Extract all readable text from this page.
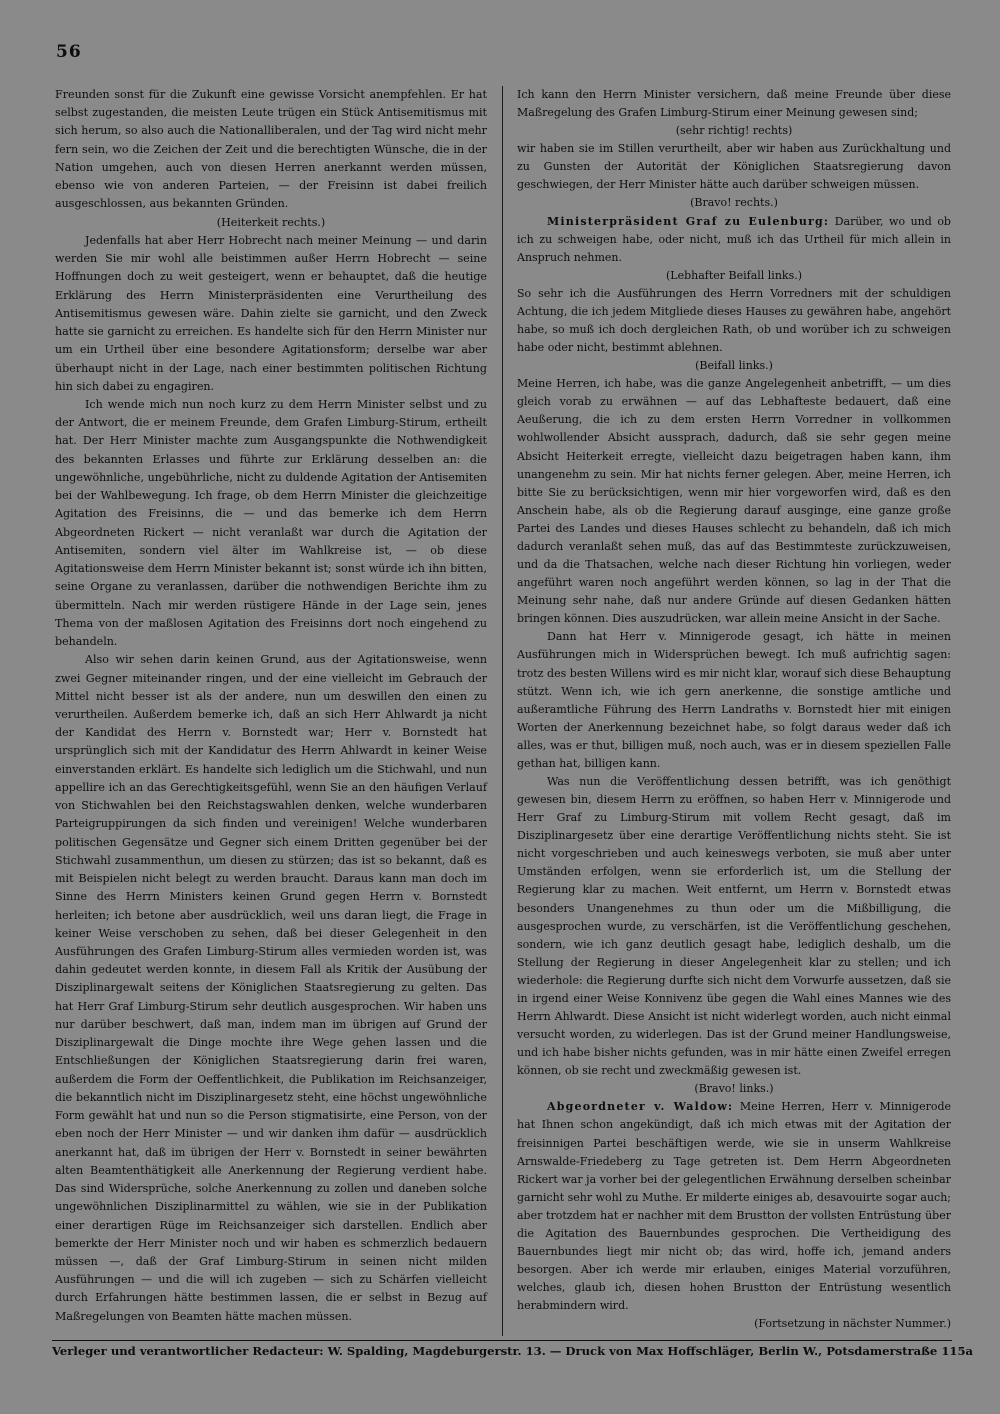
56

Freunden sonst für die Zukunft eine gewisse Vorsicht anempfehlen. Er hat selbst zugestanden, die meisten Leute trügen ein Stück Antisemitismus mit sich herum, so also auch die Nationalliberalen, und der Tag wird nicht mehr fern sein, wo die Zeichen der Zeit und die berechtigten Wünsche, die in der Nation umgehen, auch von diesen Herren anerkannt werden müssen, ebenso wie von anderen Parteien, — der Freisinn ist dabei freilich ausgeschlossen, aus bekannten Gründen.

(Heiterkeit rechts.)

Jedenfalls hat aber Herr Hobrecht nach meiner Meinung — und darin werden Sie mir wohl alle beistimmen außer Herrn Hobrecht — seine Hoffnungen doch zu weit gesteigert, wenn er behauptet, daß die heutige Erklärung des Herrn Ministerpräsidenten eine Verurtheilung des Antisemitismus gewesen wäre. Dahin zielte sie garnicht, und den Zweck hatte sie garnicht zu erreichen. Es handelte sich für den Herrn Minister nur um ein Urtheil über eine besondere Agitationsform; derselbe war aber überhaupt nicht in der Lage, nach einer bestimmten politischen Richtung hin sich dabei zu engagiren.

Ich wende mich nun noch kurz zu dem Herrn Minister selbst und zu der Antwort, die er meinem Freunde, dem Grafen Limburg-Stirum, ertheilt hat. Der Herr Minister machte zum Ausgangspunkte die Nothwendigkeit des bekannten Erlasses und führte zur Erklärung desselben an: die ungewöhnliche, ungebührliche, nicht zu duldende Agitation der Antisemiten bei der Wahlbewegung. Ich frage, ob dem Herrn Minister die gleichzeitige Agitation des Freisinns, die — und das bemerke ich dem Herrn Abgeordneten Rickert — nicht veranlaßt war durch die Agitation der Antisemiten, sondern viel älter im Wahlkreise ist, — ob diese Agitationsweise dem Herrn Minister bekannt ist; sonst würde ich ihn bitten, seine Organe zu veranlassen, darüber die nothwendigen Berichte ihm zu übermitteln. Nach mir werden rüstigere Hände in der Lage sein, jenes Thema von der maßlosen Agitation des Freisinns dort noch eingehend zu behandeln.

Also wir sehen darin keinen Grund, aus der Agitationsweise, wenn zwei Gegner miteinander ringen, und der eine vielleicht im Gebrauch der Mittel nicht besser ist als der andere, nun um deswillen den einen zu verurtheilen. Außerdem bemerke ich, daß an sich Herr Ahlwardt ja nicht der Kandidat des Herrn v. Bornstedt war; Herr v. Bornstedt hat ursprünglich sich mit der Kandidatur des Herrn Ahlwardt in keiner Weise einverstanden erklärt. Es handelte sich lediglich um die Stichwahl, und nun appellire ich an das Gerechtigkeitsgefühl, wenn Sie an den häufigen Verlauf von Stichwahlen bei den Reichstagswahlen denken, welche wunderbaren Parteigruppirungen da sich finden und vereinigen! Welche wunderbaren politischen Gegensätze und Gegner sich einem Dritten gegenüber bei der Stichwahl zusammenthun, um diesen zu stürzen; das ist so bekannt, daß es mit Beispielen nicht belegt zu werden braucht. Daraus kann man doch im Sinne des Herrn Ministers keinen Grund gegen Herrn v. Bornstedt herleiten; ich betone aber ausdrücklich, weil uns daran liegt, die Frage in keiner Weise verschoben zu sehen, daß bei dieser Gelegenheit in den Ausführungen des Grafen Limburg-Stirum alles vermieden worden ist, was dahin gedeutet werden konnte, in diesem Fall als Kritik der Ausübung der Disziplinargewalt seitens der Königlichen Staatsregierung zu gelten. Das hat Herr Graf Limburg-Stirum sehr deutlich ausgesprochen. Wir haben uns nur darüber beschwert, daß man, indem man im übrigen auf Grund der Disziplinargewalt die Dinge mochte ihre Wege gehen lassen und die Entschließungen der Königlichen Staatsregierung darin frei waren, außerdem die Form der Oeffentlichkeit, die Publikation im Reichsanzeiger, die bekanntlich nicht im Disziplinargesetz steht, eine höchst ungewöhnliche Form gewählt hat und nun so die Person stigmatisirte, eine Person, von der eben noch der Herr Minister — und wir danken ihm dafür — ausdrücklich anerkannt hat, daß im übrigen der Herr v. Bornstedt in seiner bewährten alten Beamtenthätigkeit alle Anerkennung der Regierung verdient habe. Das sind Widersprüche, solche Anerkennung zu zollen und daneben solche ungewöhnlichen Disziplinarmittel zu wählen, wie sie in der Publikation einer derartigen Rüge im Reichsanzeiger sich darstellen. Endlich aber bemerkte der Herr Minister noch und wir haben es schmerzlich bedauern müssen —, daß der Graf Limburg-Stirum in seinen nicht milden Ausführungen — und die will ich zugeben — sich zu Schärfen vielleicht durch Erfahrungen hätte bestimmen lassen, die er selbst in Bezug auf Maßregelungen von Beamten hätte machen müssen.

Ich kann den Herrn Minister versichern, daß meine Freunde über diese Maßregelung des Grafen Limburg-Stirum einer Meinung gewesen sind;

(sehr richtig! rechts)

wir haben sie im Stillen verurtheilt, aber wir haben aus Zurückhaltung und zu Gunsten der Autorität der Königlichen Staatsregierung davon geschwiegen, der Herr Minister hätte auch darüber schweigen müssen.

(Bravo! rechts.)

Ministerpräsident Graf zu Eulenburg: Darüber, wo und ob ich zu schweigen habe, oder nicht, muß ich das Urtheil für mich allein in Anspruch nehmen.

(Lebhafter Beifall links.)

So sehr ich die Ausführungen des Herrn Vorredners mit der schuldigen Achtung, die ich jedem Mitgliede dieses Hauses zu gewähren habe, angehört habe, so muß ich doch dergleichen Rath, ob und worüber ich zu schweigen habe oder nicht, bestimmt ablehnen.

(Beifall links.)

Meine Herren, ich habe, was die ganze Angelegenheit anbetrifft, — um dies gleich vorab zu erwähnen — auf das Lebhafteste bedauert, daß eine Aeußerung, die ich zu dem ersten Herrn Vorredner in vollkommen wohlwollender Absicht aussprach, dadurch, daß sie sehr gegen meine Absicht Heiterkeit erregte, vielleicht dazu beigetragen haben kann, ihm unangenehm zu sein. Mir hat nichts ferner gelegen. Aber, meine Herren, ich bitte Sie zu berücksichtigen, wenn mir hier vorgeworfen wird, daß es den Anschein habe, als ob die Regierung darauf ausginge, eine ganze große Partei des Landes und dieses Hauses schlecht zu behandeln, daß ich mich dadurch veranlaßt sehen muß, das auf das Bestimmteste zurückzuweisen, und da die Thatsachen, welche nach dieser Richtung hin vorliegen, weder angeführt waren noch angeführt werden können, so lag in der That die Meinung sehr nahe, daß nur andere Gründe auf diesen Gedanken hätten bringen können. Dies auszudrücken, war allein meine Ansicht in der Sache.

Dann hat Herr v. Minnigerode gesagt, ich hätte in meinen Ausführungen mich in Widersprüchen bewegt. Ich muß aufrichtig sagen: trotz des besten Willens wird es mir nicht klar, worauf sich diese Behauptung stützt. Wenn ich, wie ich gern anerkenne, die sonstige amtliche und außeramtliche Führung des Herrn Landraths v. Bornstedt hier mit einigen Worten der Anerkennung bezeichnet habe, so folgt daraus weder daß ich alles, was er thut, billigen muß, noch auch, was er in diesem speziellen Falle gethan hat, billigen kann.

Was nun die Veröffentlichung dessen betrifft, was ich genöthigt gewesen bin, diesem Herrn zu eröffnen, so haben Herr v. Minnigerode und Herr Graf zu Limburg-Stirum mit vollem Recht gesagt, daß im Disziplinargesetz über eine derartige Veröffentlichung nichts steht. Sie ist nicht vorgeschrieben und auch keineswegs verboten, sie muß aber unter Umständen erfolgen, wenn sie erforderlich ist, um die Stellung der Regierung klar zu machen. Weit entfernt, um Herrn v. Bornstedt etwas besonders Unangenehmes zu thun oder um die Mißbilligung, die ausgesprochen wurde, zu verschärfen, ist die Veröffentlichung geschehen, sondern, wie ich ganz deutlich gesagt habe, lediglich deshalb, um die Stellung der Regierung in dieser Angelegenheit klar zu stellen; und ich wiederhole: die Regierung durfte sich nicht dem Vorwurfe aussetzen, daß sie in irgend einer Weise Konnivenz übe gegen die Wahl eines Mannes wie des Herrn Ahlwardt. Diese Ansicht ist nicht widerlegt worden, auch nicht einmal versucht worden, zu widerlegen. Das ist der Grund meiner Handlungsweise, und ich habe bisher nichts gefunden, was in mir hätte einen Zweifel erregen können, ob sie recht und zweckmäßig gewesen ist.

(Bravo! links.)

Abgeordneter v. Waldow: Meine Herren, Herr v. Minnigerode hat Ihnen schon angekündigt, daß ich mich etwas mit der Agitation der freisinnigen Partei beschäftigen werde, wie sie in unserm Wahlkreise Arnswalde-Friedeberg zu Tage getreten ist. Dem Herrn Abgeordneten Rickert war ja vorher bei der gelegentlichen Erwähnung derselben scheinbar garnicht sehr wohl zu Muthe. Er milderte einiges ab, desavouirte sogar auch; aber trotzdem hat er nachher mit dem Brustton der vollsten Entrüstung über die Agitation des Bauernbundes gesprochen. Die Vertheidigung des Bauernbundes liegt mir nicht ob; das wird, hoffe ich, jemand anders besorgen. Aber ich werde mir erlauben, einiges Material vorzuführen, welches, glaub ich, diesen hohen Brustton der Entrüstung wesentlich herabmindern wird.

(Fortsetzung in nächster Nummer.)

Verleger und verantwortlicher Redacteur: W. Spalding, Magdeburgerstr. 13. — Druck von Max Hoffschläger, Berlin W., Potsdamerstraße 115a
